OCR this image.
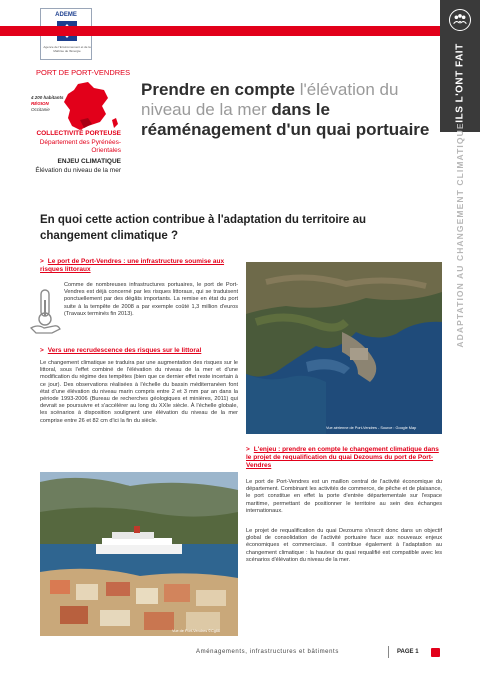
ADEME
Agence de l'Environnement et de la Maîtrise de l'Energie	ILS L'ONT FAIT
ADAPTATION AU CHANGEMENT CLIMATIQUE
PORT DE PORT-VENDRES
4 200 habitants
RÉGION
Occitanie
COLLECTIVITÉ PORTEUSE
Département des Pyrénées-Orientales
ENJEU CLIMATIQUE
Élévation du niveau de la mer
Prendre en compte l'élévation du niveau de la mer dans le réaménagement d'un quai portuaire
En quoi cette action contribue à l'adaptation du territoire au changement climatique ?
> Le port de Port-Vendres : une infrastructure soumise aux risques littoraux
Comme de nombreuses infrastructures portuaires, le port de Port-Vendres est déjà concerné par les risques littoraux, qui se traduisent ponctuellement par des dégâts importants. La remise en état du port suite à la tempête de 2008 a par exemple coûté 1,3 million d'euros (Travaux terminés fin 2013).
> Vers une recrudescence des risques sur le littoral
Le changement climatique se traduira par une augmentation des risques sur le littoral, sous l'effet combiné de l'élévation du niveau de la mer et d'une modification du régime des tempêtes (bien que ce dernier effet reste incertain à ce jour). Des observations réalisées à l'échelle du bassin méditerranéen font état d'une élévation du niveau marin compris entre 2 et 3 mm par an dans la période 1993-2006 (Bureau de recherches géologiques et minières, 2011) qui devrait se poursuivre et s'accélérer au long du XXIe siècle. À l'échelle globale, les scénarios à disposition soulignent une élévation du niveau de la mer comprise entre 26 et 82 cm d'ici la fin du siècle.
Vue aérienne de Port-Vendres - Source : Google Map
> L'enjeu : prendre en compte le changement climatique dans le projet de requalification du quai Dezoums du port de Port-Vendres
Le port de Port-Vendres est un maillon central de l'activité économique du département. Combinant les activités de commerce, de pêche et de plaisance, le port constitue en effet la porte d'entrée départementale sur l'espace maritime, permettant de positionner le territoire au sein des échanges internationaux.
Le projet de requalification du quai Dezoums s'inscrit donc dans un objectif global de consolidation de l'activité portuaire face aux nouveaux enjeux économiques et commerciaux. Il contribue également à l'adaptation au changement climatique : la hauteur du quai requalifié est compatible avec les scénarios d'élévation du niveau de la mer.
Vue de Port-Vendres ©Cg66
Aménagements, infrastructures et bâtiments	PAGE 1
